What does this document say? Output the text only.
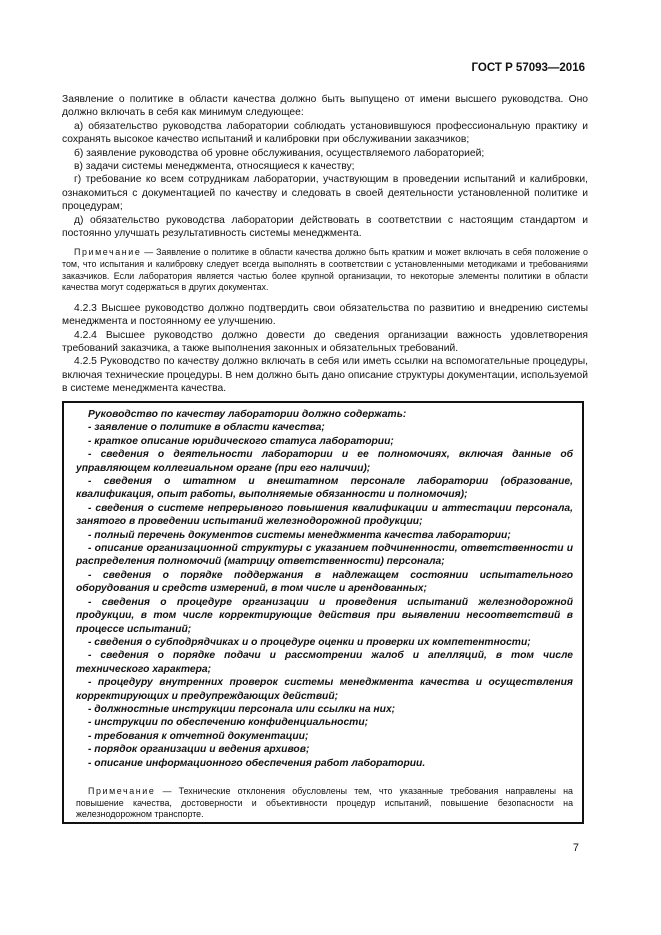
ГОСТ Р 57093—2016

Заявление о политике в области качества должно быть выпущено от имени высшего руководства. Оно должно включать в себя как минимум следующее:

а) обязательство руководства лаборатории соблюдать установившуюся профессиональную практику и сохранять высокое качество испытаний и калибровки при обслуживании заказчиков;

б) заявление руководства об уровне обслуживания, осуществляемого лабораторией;

в) задачи системы менеджмента, относящиеся к качеству;

г) требование ко всем сотрудникам лаборатории, участвующим в проведении испытаний и калибровки, ознакомиться с документацией по качеству и следовать в своей деятельности установленной политике и процедурам;

д) обязательство руководства лаборатории действовать в соответствии с настоящим стандартом и постоянно улучшать результативность системы менеджмента.

Примечание — Заявление о политике в области качества должно быть кратким и может включать в себя положение о том, что испытания и калибровку следует всегда выполнять в соответствии с установленными методиками и требованиями заказчиков. Если лаборатория является частью более крупной организации, то некоторые элементы политики в области качества могут содержаться в других документах.

4.2.3 Высшее руководство должно подтвердить свои обязательства по развитию и внедрению системы менеджмента и постоянному ее улучшению.

4.2.4 Высшее руководство должно довести до сведения организации важность удовлетворения требований заказчика, а также выполнения законных и обязательных требований.

4.2.5 Руководство по качеству должно включать в себя или иметь ссылки на вспомогательные процедуры, включая технические процедуры. В нем должно быть дано описание структуры документации, используемой в системе менеджмента качества.

Руководство по качеству лаборатории должно содержать:

- заявление о политике в области качества;

- краткое описание юридического статуса лаборатории;

- сведения о деятельности лаборатории и ее полномочиях, включая данные об управляющем коллегиальном органе (при его наличии);

- сведения о штатном и внештатном персонале лаборатории (образование, квалификация, опыт работы, выполняемые обязанности и полномочия);

- сведения о системе непрерывного повышения квалификации и аттестации персонала, занятого в проведении испытаний железнодорожной продукции;

- полный перечень документов системы менеджмента качества лаборатории;

- описание организационной структуры с указанием подчиненности, ответственности и распределения полномочий (матрицу ответственности) персонала;

- сведения о порядке поддержания в надлежащем состоянии испытательного оборудования и средств измерений, в том числе и арендованных;

- сведения о процедуре организации и проведения испытаний железнодорожной продукции, в том числе корректирующие действия при выявлении несоответствий в процессе испытаний;

- сведения о субподрядчиках и о процедуре оценки и проверки их компетентности;

- сведения о порядке подачи и рассмотрении жалоб и апелляций, в том числе технического характера;

- процедуру внутренних проверок системы менеджмента качества и осуществления корректирующих и предупреждающих действий;

- должностные инструкции персонала или ссылки на них;

- инструкции по обеспечению конфиденциальности;

- требования к отчетной документации;

- порядок организации и ведения архивов;

- описание информационного обеспечения работ лаборатории.

Примечание — Технические отклонения обусловлены тем, что указанные требования направлены на повышение качества, достоверности и объективности процедур испытаний, повышение безопасности на железнодорожном транспорте.

7
